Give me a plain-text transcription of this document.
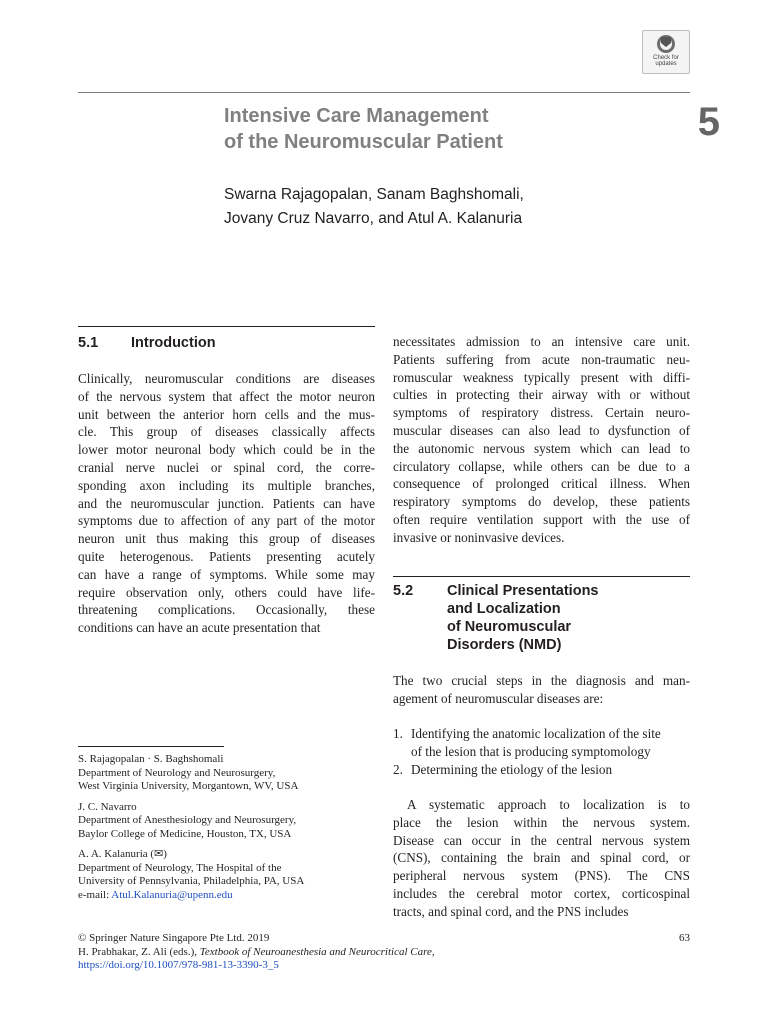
Check for updates
Intensive Care Management
of the Neuromuscular Patient	5
Swarna Rajagopalan, Sanam Baghshomali,
Jovany Cruz Navarro, and Atul A. Kalanuria
5.1 Introduction
Clinically, neuromuscular conditions are diseases
of the nervous system that affect the motor neuron
unit between the anterior horn cells and the mus-
cle. This group of diseases classically affects
lower motor neuronal body which could be in the
cranial nerve nuclei or spinal cord, the corre-
sponding axon including its multiple branches,
and the neuromuscular junction. Patients can have
symptoms due to affection of any part of the motor
neuron unit thus making this group of diseases
quite heterogenous. Patients presenting acutely
can have a range of symptoms. While some may
require observation only, others could have life-
threatening complications. Occasionally, these
conditions can have an acute presentation that
necessitates admission to an intensive care unit.
Patients suffering from acute non-traumatic neu-
romuscular weakness typically present with diffi-
culties in protecting their airway with or without
symptoms of respiratory distress. Certain neuro-
muscular diseases can also lead to dysfunction of
the autonomic nervous system which can lead to
circulatory collapse, while others can be due to a
consequence of prolonged critical illness. When
respiratory symptoms do develop, these patients
often require ventilation support with the use of
invasive or noninvasive devices.
5.2 Clinical Presentations
and Localization
of Neuromuscular
Disorders (NMD)
The two crucial steps in the diagnosis and man-
agement of neuromuscular diseases are:
1. Identifying the anatomic localization of the site
of the lesion that is producing symptomology
2. Determining the etiology of the lesion
A systematic approach to localization is to
place the lesion within the nervous system.
Disease can occur in the central nervous system
(CNS), containing the brain and spinal cord, or
peripheral nervous system (PNS). The CNS
includes the cerebral motor cortex, corticospinal
tracts, and spinal cord, and the PNS includes
S. Rajagopalan · S. Baghshomali
Department of Neurology and Neurosurgery,
West Virginia University, Morgantown, WV, USA
J. C. Navarro
Department of Anesthesiology and Neurosurgery,
Baylor College of Medicine, Houston, TX, USA
A. A. Kalanuria (✉)
Department of Neurology, The Hospital of the
University of Pennsylvania, Philadelphia, PA, USA
e-mail: Atul.Kalanuria@upenn.edu
© Springer Nature Singapore Pte Ltd. 2019
H. Prabhakar, Z. Ali (eds.), Textbook of Neuroanesthesia and Neurocritical Care,
https://doi.org/10.1007/978-981-13-3390-3_5
63
